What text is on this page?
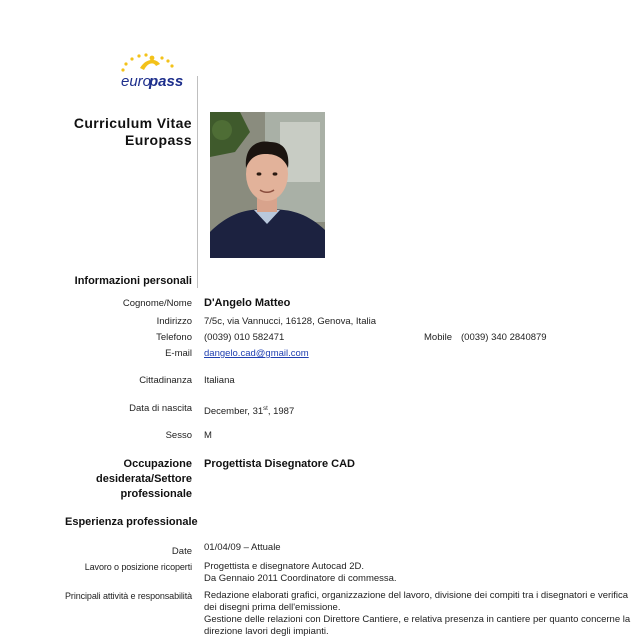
euro
pass
Curriculum Vitae
Europass
Informazioni personali
Cognome/Nome D'Angelo Matteo
Indirizzo 7/5c, via Vannucci, 16128, Genova, Italia
Telefono (0039) 010 582471	Mobile (0039) 340 2840879
E-mail dangelo.cad@gmail.com
Cittadinanza Italiana
Data di nascita December, 31st, 1987
Sesso M
Occupazione
desiderata/Settore
professionale
Progettista Disegnatore CAD
Esperienza professionale
Date 01/04/09 – Attuale
Lavoro o posizione ricoperti Progettista e disegnatore Autocad 2D.
Da Gennaio 2011 Coordinatore di commessa.
Principali attività e responsabilità Redazione elaborati grafici, organizzazione del lavoro, divisione dei compiti tra i disegnatori e verifica
dei disegni prima dell'emissione.
Gestione delle relazioni con Direttore Cantiere, e relativa presenza in cantiere per quanto concerne la
direzione lavori degli impianti.
